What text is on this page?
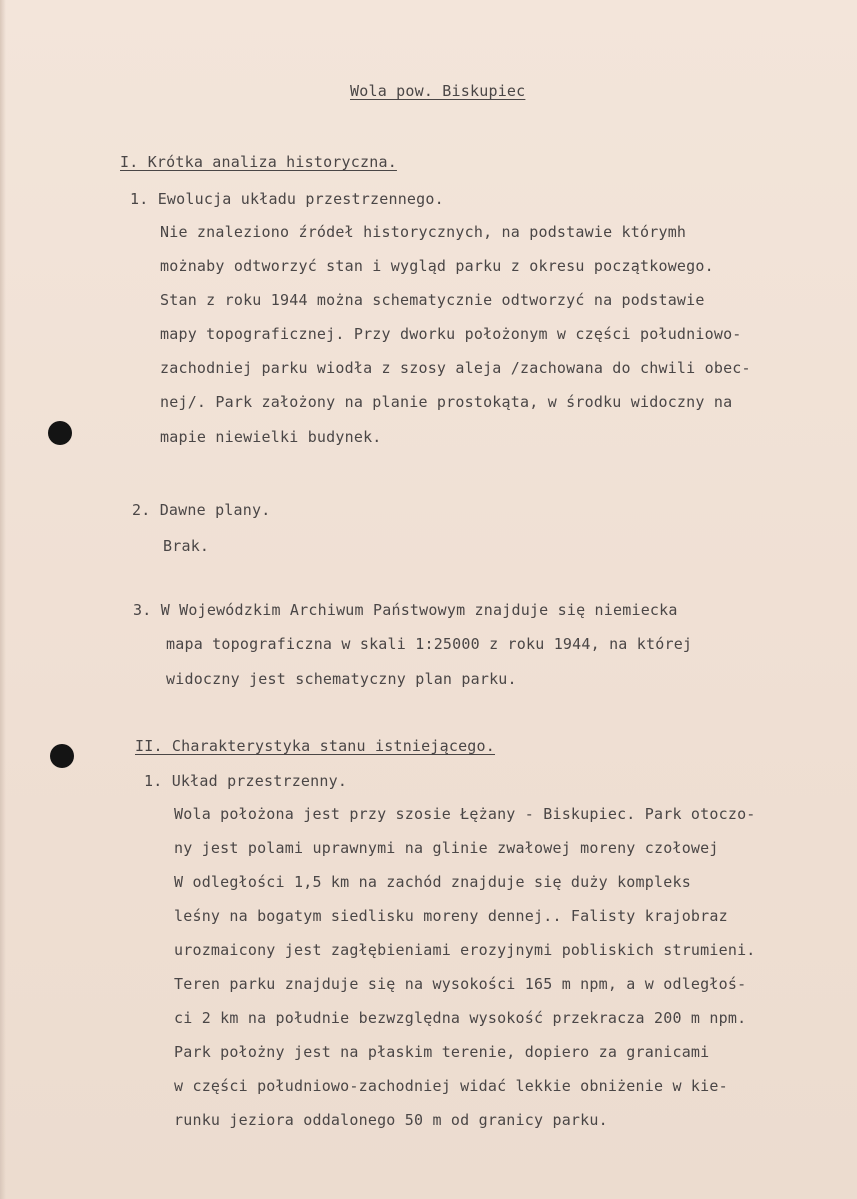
Wola pow. Biskupiec
I. Krótka analiza historyczna.
1. Ewolucja układu przestrzennego.
Nie znaleziono źródeł historycznych, na podstawie którymh
możnaby odtworzyć stan i wygląd parku z okresu początkowego.
Stan z roku 1944 można schematycznie odtworzyć na podstawie
mapy topograficznej. Przy dworku położonym w części południowo-
zachodniej parku wiodła z szosy aleja /zachowana do chwili obec-
nej/. Park założony na planie prostokąta, w środku widoczny na
mapie niewielki budynek.
2. Dawne plany.
Brak.
3. W Wojewódzkim Archiwum Państwowym znajduje się niemiecka
mapa topograficzna w skali 1:25000 z roku 1944, na której
widoczny jest schematyczny plan parku.
II. Charakterystyka stanu istniejącego.
1. Układ przestrzenny.
Wola położona jest przy szosie Łężany - Biskupiec. Park otoczo-
ny jest polami uprawnymi na glinie zwałowej moreny czołowej
W odległości 1,5 km na zachód znajduje się duży kompleks
leśny na bogatym siedlisku moreny dennej.. Falisty krajobraz
urozmaicony jest zagłębieniami erozyjnymi pobliskich strumieni.
Teren parku znajduje się na wysokości 165 m npm, a w odległoś-
ci 2 km na południe bezwzględna wysokość przekracza 200 m npm.
Park położny jest na płaskim terenie, dopiero za granicami
w części południowo-zachodniej widać lekkie obniżenie w kie-
runku jeziora oddalonego 50 m od granicy parku.
